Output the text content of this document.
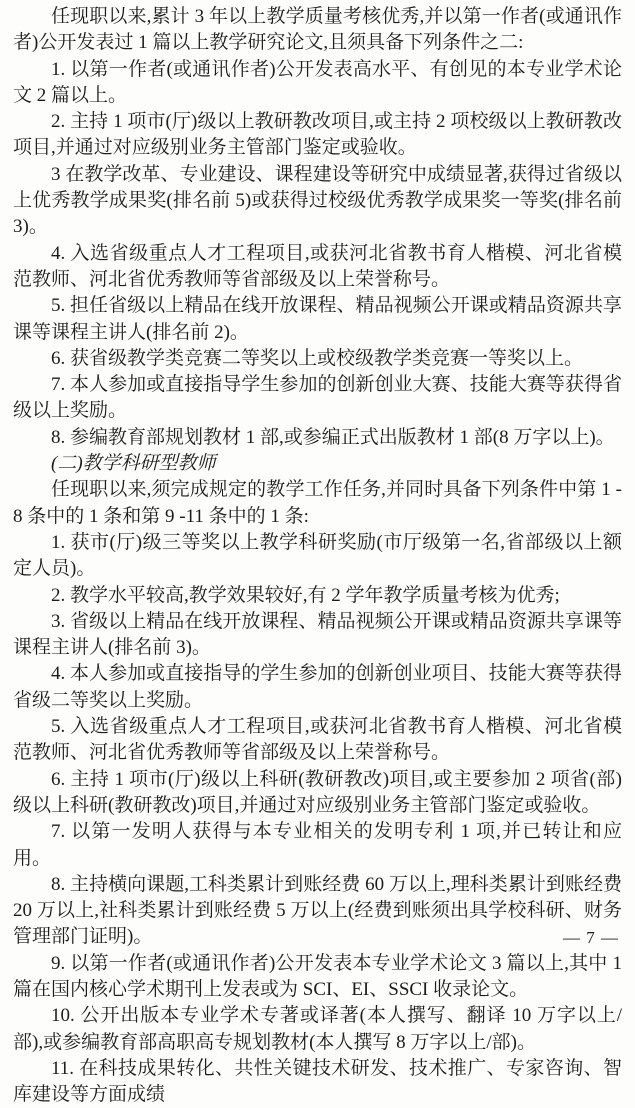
任现职以来,累计 3 年以上教学质量考核优秀,并以第一作者(或通讯作者)公开发表过 1 篇以上教学研究论文,且须具备下列条件之二:

1. 以第一作者(或通讯作者)公开发表高水平、有创见的本专业学术论文 2 篇以上。

2. 主持 1 项市(厅)级以上教研教改项目,或主持 2 项校级以上教研教改项目,并通过对应级别业务主管部门鉴定或验收。

3 在教学改革、专业建设、课程建设等研究中成绩显著,获得过省级以上优秀教学成果奖(排名前 5)或获得过校级优秀教学成果奖一等奖(排名前 3)。

4. 入选省级重点人才工程项目,或获河北省教书育人楷模、河北省模范教师、河北省优秀教师等省部级及以上荣誉称号。

5. 担任省级以上精品在线开放课程、精品视频公开课或精品资源共享课等课程主讲人(排名前 2)。

6. 获省级教学类竞赛二等奖以上或校级教学类竞赛一等奖以上。

7. 本人参加或直接指导学生参加的创新创业大赛、技能大赛等获得省级以上奖励。

8. 参编教育部规划教材 1 部,或参编正式出版教材 1 部(8 万字以上)。

(二)教学科研型教师

任现职以来,须完成规定的教学工作任务,并同时具备下列条件中第 1 -8 条中的 1 条和第 9 -11 条中的 1 条:

1. 获市(厅)级三等奖以上教学科研奖励(市厅级第一名,省部级以上额定人员)。

2. 教学水平较高,教学效果较好,有 2 学年教学质量考核为优秀;

3. 省级以上精品在线开放课程、精品视频公开课或精品资源共享课等课程主讲人(排名前 3)。

4. 本人参加或直接指导的学生参加的创新创业项目、技能大赛等获得省级二等奖以上奖励。

5. 入选省级重点人才工程项目,或获河北省教书育人楷模、河北省模范教师、河北省优秀教师等省部级及以上荣誉称号。

6. 主持 1 项市(厅)级以上科研(教研教改)项目,或主要参加 2 项省(部)级以上科研(教研教改)项目,并通过对应级别业务主管部门鉴定或验收。

7. 以第一发明人获得与本专业相关的发明专利 1 项,并已转让和应用。

8. 主持横向课题,工科类累计到账经费 60 万以上,理科类累计到账经费 20 万以上,社科类累计到账经费 5 万以上(经费到账须出具学校科研、财务管理部门证明)。

9. 以第一作者(或通讯作者)公开发表本专业学术论文 3 篇以上,其中 1 篇在国内核心学术期刊上发表或为 SCI、EI、SSCI 收录论文。

10. 公开出版本专业学术专著或译著(本人撰写、翻译 10 万字以上/部),或参编教育部高职高专规划教材(本人撰写 8 万字以上/部)。

11. 在科技成果转化、共性关键技术研发、技术推广、专家咨询、智库建设等方面成绩

— 7 —
